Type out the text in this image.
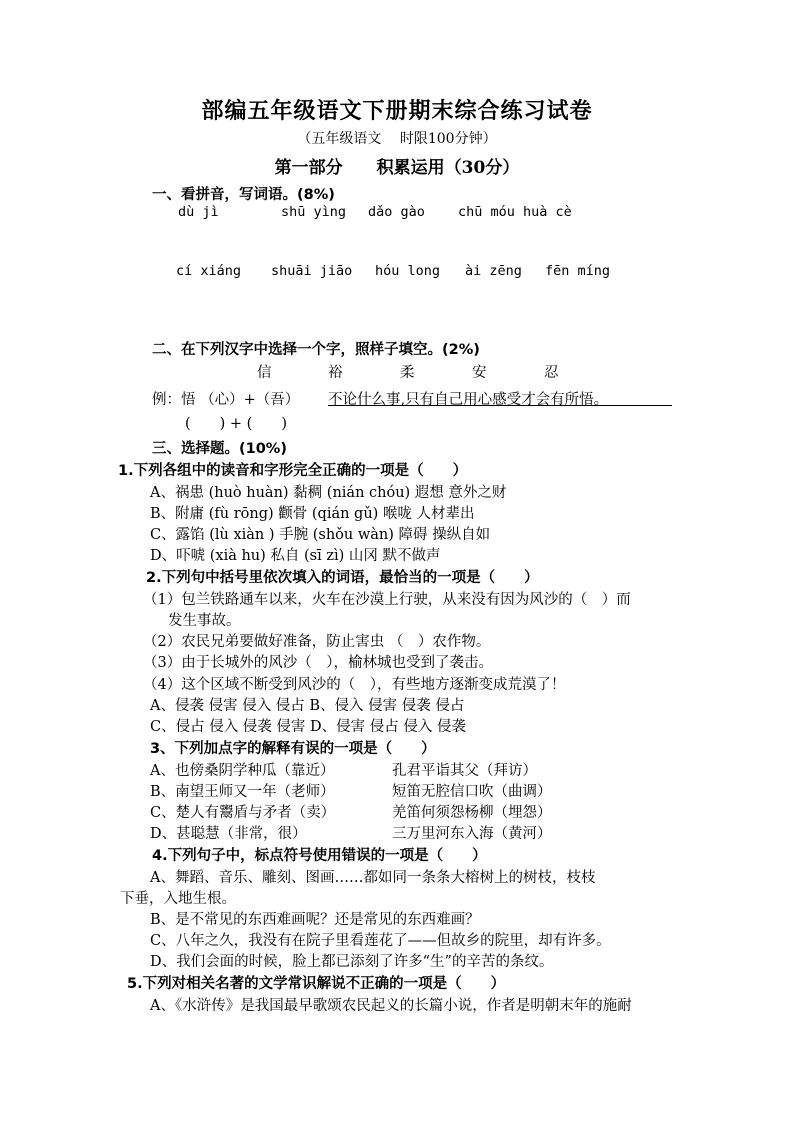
部编五年级语文下册期末综合练习试卷
（五年级语文　 时限100分钟）
第一部分 积累运用（30分）
一、看拼音，写词语。(8%)
dù jì	shū yìng dǎo gào chū móu huà cè
cí xiáng shuāi jiāo hóu long ài zēng fēn míng
二、在下列汉字中选择一个字，照样子填空。(2%)
信	裕	柔	安	忍
例：悟 （心）+（吾） 不论什么事,只有自己用心感受才会有所悟。
(　　) + (　　)
三、选择题。(10%)
1.下列各组中的读音和字形完全正确的一项是（　　）
A、祸患 (huò huàn) 黏稠 (nián chóu) 遐想 意外之财
B、附庸 (fù rōng) 颧骨 (qián gǔ) 喉咙 人材辈出
C、露馅 (lù xiàn ) 手腕 (shǒu wàn) 障碍 操纵自如
D、吓唬 (xià hu) 私自 (sī zì) 山冈 默不做声
2.下列句中括号里依次填入的词语，最恰当的一项是（　　）
（1）包兰铁路通车以来，火车在沙漠上行驶，从来没有因为风沙的（　）而
发生事故。
（2）农民兄弟要做好准备，防止害虫 （　）农作物。
（3）由于长城外的风沙（　），榆林城也受到了袭击。
（4）这个区域不断受到风沙的（　），有些地方逐渐变成荒漠了！
A、侵袭 侵害 侵入 侵占 B、侵入 侵害 侵袭 侵占
C、侵占 侵入 侵袭 侵害 D、侵害 侵占 侵入 侵袭
3、下列加点字的解释有误的一项是（　　）
A、也傍桑阴学种瓜（靠近）	孔君平诣其父（拜访）
B、南望王师又一年（老师）	短笛无腔信口吹（曲调）
C、楚人有鬻盾与矛者（卖）	羌笛何须怨杨柳（埋怨）
D、甚聪慧（非常，很）	三万里河东入海（黄河）
4.下列句子中，标点符号使用错误的一项是（　　）
A、舞蹈、音乐、雕刻、图画……都如同一条条大榕树上的树枝，枝枝
下垂，入地生根。
B、是不常见的东西难画呢？还是常见的东西难画？
C、八年之久，我没有在院子里看莲花了——但故乡的院里，却有许多。
D、我们会面的时候，脸上都已添刻了许多“生”的辛苦的条纹。
5.下列对相关名著的文学常识解说不正确的一项是（　　）
A、《水浒传》是我国最早歌颂农民起义的长篇小说，作者是明朝末年的施耐
